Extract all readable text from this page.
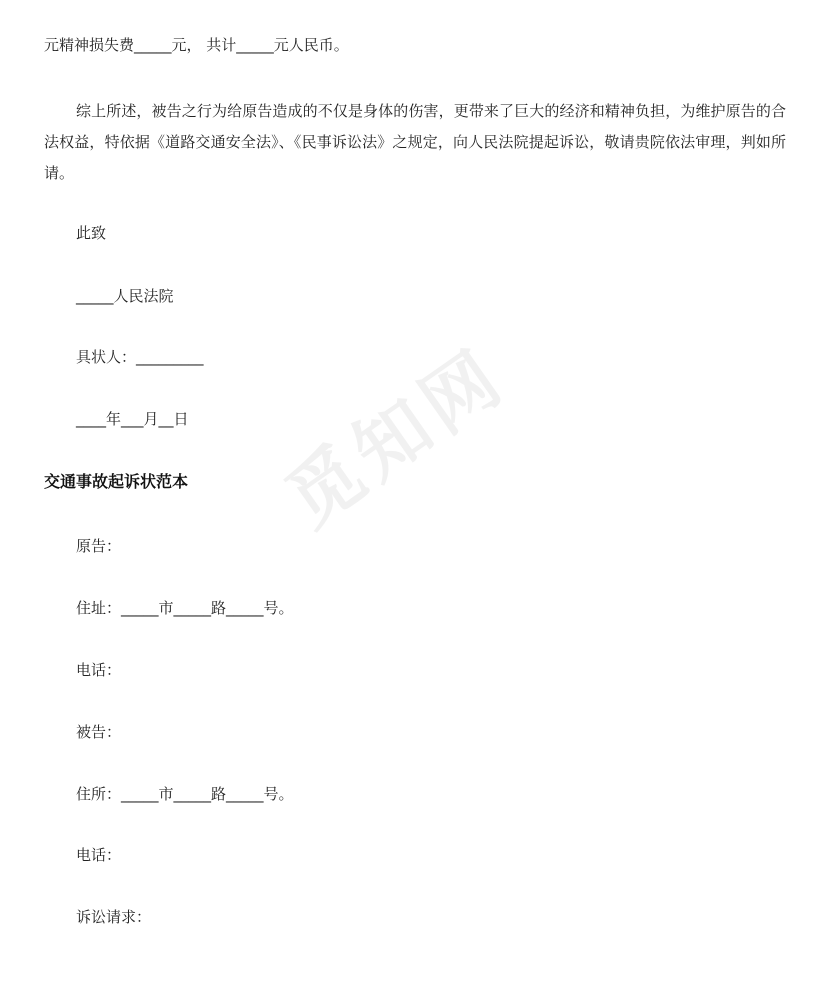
元精神损失费_____元， 共计_____元人民币。
综上所述，被告之行为给原告造成的不仅是身体的伤害，更带来了巨大的经济和精神负担，为维护原告的合法权益，特依据《道路交通安全法》、《民事诉讼法》之规定，向人民法院提起诉讼，敬请贵院依法审理，判如所请。
此致
_____人民法院
具状人：_________
____年___月__日
交通事故起诉状范本
原告：
住址：_____市_____路_____号。
电话：
被告：
住所：_____市_____路_____号。
电话：
诉讼请求：
觅知网
